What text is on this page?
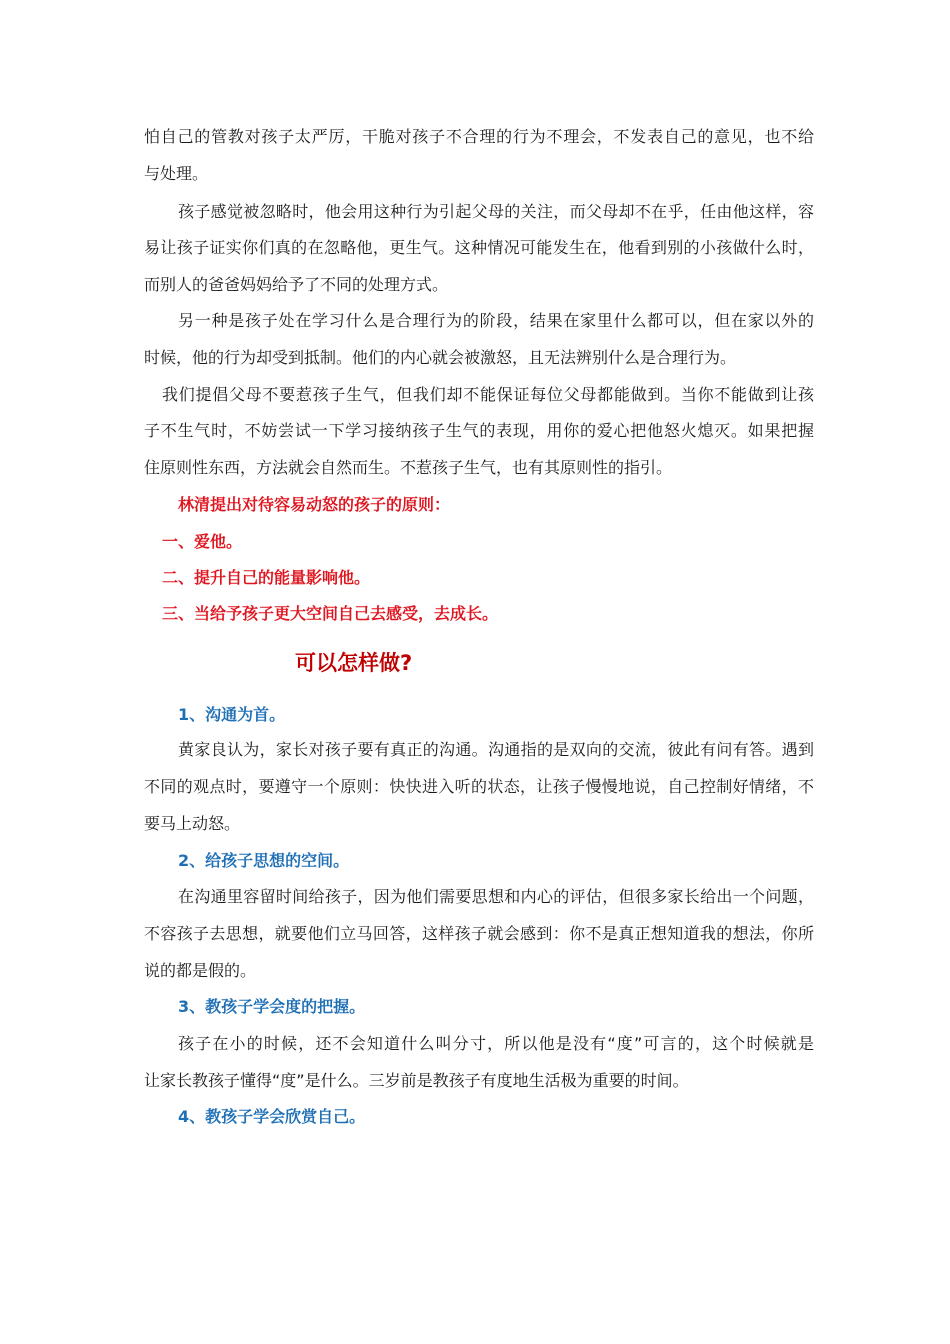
怕自己的管教对孩子太严厉，干脆对孩子不合理的行为不理会，不发表自己的意见，也不给
与处理。
孩子感觉被忽略时，他会用这种行为引起父母的关注，而父母却不在乎，任由他这样，容
易让孩子证实你们真的在忽略他，更生气。这种情况可能发生在，他看到别的小孩做什么时，
而别人的爸爸妈妈给予了不同的处理方式。
另一种是孩子处在学习什么是合理行为的阶段，结果在家里什么都可以，但在家以外的
时候，他的行为却受到抵制。他们的内心就会被激怒，且无法辨别什么是合理行为。
我们提倡父母不要惹孩子生气，但我们却不能保证每位父母都能做到。当你不能做到让孩
子不生气时，不妨尝试一下学习接纳孩子生气的表现，用你的爱心把他怒火熄灭。如果把握
住原则性东西，方法就会自然而生。不惹孩子生气，也有其原则性的指引。
林清提出对待容易动怒的孩子的原则：
一、爱他。
二、提升自己的能量影响他。
三、当给予孩子更大空间自己去感受，去成长。
可以怎样做?
1、沟通为首。
黄家良认为，家长对孩子要有真正的沟通。沟通指的是双向的交流，彼此有问有答。遇到
不同的观点时，要遵守一个原则：快快进入听的状态，让孩子慢慢地说，自己控制好情绪，不
要马上动怒。
2、给孩子思想的空间。
在沟通里容留时间给孩子，因为他们需要思想和内心的评估，但很多家长给出一个问题，
不容孩子去思想，就要他们立马回答，这样孩子就会感到：你不是真正想知道我的想法，你所
说的都是假的。
3、教孩子学会度的把握。
孩子在小的时候，还不会知道什么叫分寸，所以他是没有“度”可言的，这个时候就是
让家长教孩子懂得“度”是什么。三岁前是教孩子有度地生活极为重要的时间。
4、教孩子学会欣赏自己。
